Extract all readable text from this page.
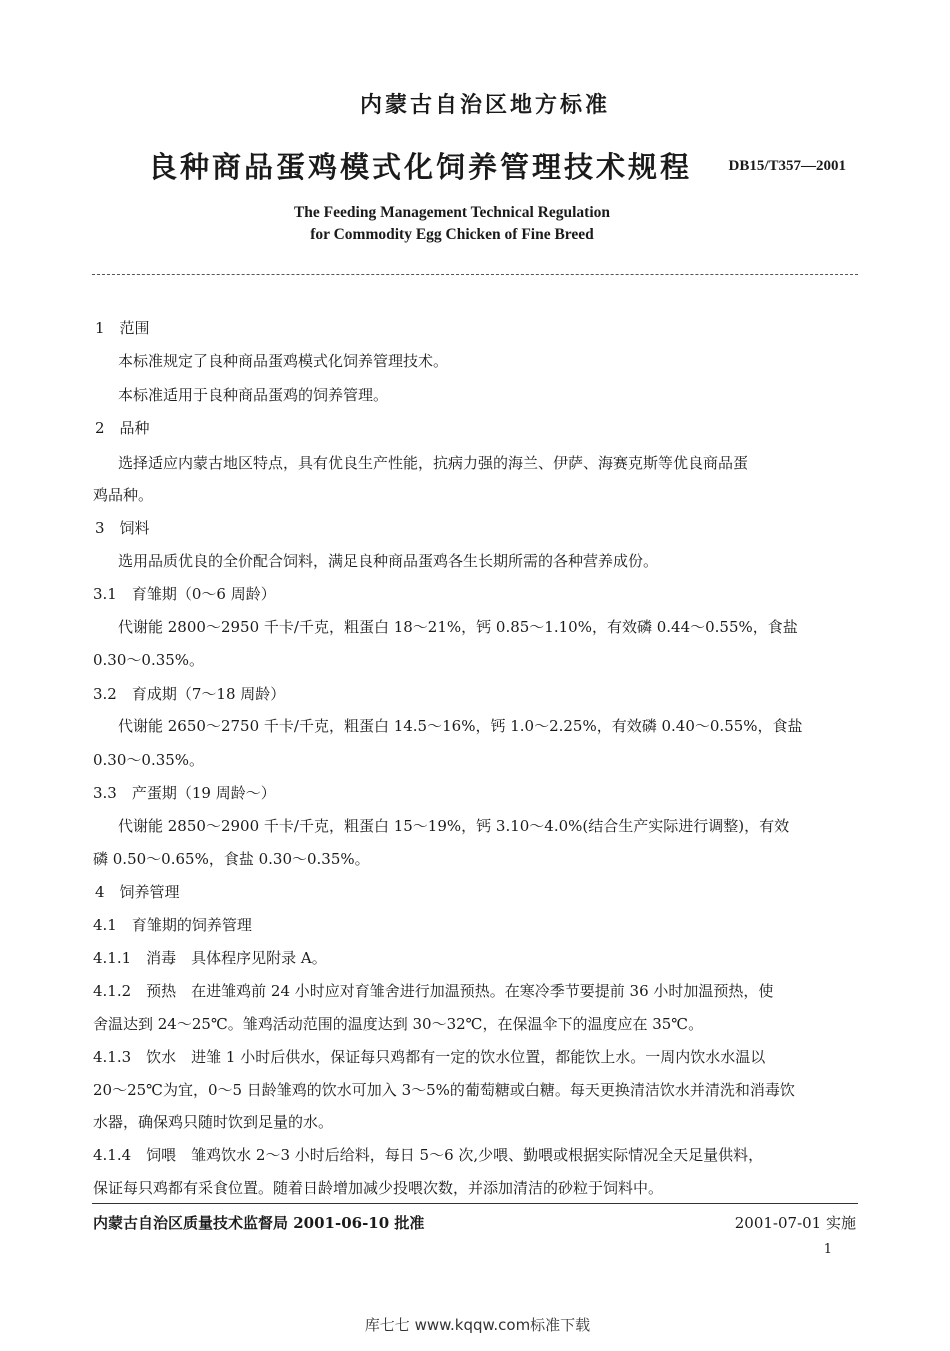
内蒙古自治区地方标准
良种商品蛋鸡模式化饲养管理技术规程 DB15/T357—2001
The Feeding Management Technical Regulation
for Commodity Egg Chicken of Fine Breed
1　范围
本标准规定了良种商品蛋鸡模式化饲养管理技术。
本标准适用于良种商品蛋鸡的饲养管理。
2　品种
选择适应内蒙古地区特点，具有优良生产性能，抗病力强的海兰、伊萨、海赛克斯等优良商品蛋
鸡品种。
3　饲料
选用品质优良的全价配合饲料，满足良种商品蛋鸡各生长期所需的各种营养成份。
3.1　育雏期（0～6 周龄）
代谢能 2800～2950 千卡/千克，粗蛋白 18～21%，钙 0.85～1.10%，有效磷 0.44～0.55%，食盐
0.30～0.35%。
3.2　育成期（7～18 周龄）
代谢能 2650～2750 千卡/千克，粗蛋白 14.5～16%，钙 1.0～2.25%，有效磷 0.40～0.55%，食盐
0.30～0.35%。
3.3　产蛋期（19 周龄～）
代谢能 2850～2900 千卡/千克，粗蛋白 15～19%，钙 3.10～4.0%(结合生产实际进行调整)，有效
磷 0.50～0.65%，食盐 0.30～0.35%。
4　饲养管理
4.1　育雏期的饲养管理
4.1.1　消毒　具体程序见附录 A。
4.1.2　预热　在进雏鸡前 24 小时应对育雏舍进行加温预热。在寒冷季节要提前 36 小时加温预热，使
舍温达到 24～25℃。雏鸡活动范围的温度达到 30～32℃，在保温伞下的温度应在 35℃。
4.1.3　饮水　进雏 1 小时后供水，保证每只鸡都有一定的饮水位置，都能饮上水。一周内饮水水温以
20～25℃为宜，0～5 日龄雏鸡的饮水可加入 3～5%的葡萄糖或白糖。每天更换清洁饮水并清洗和消毒饮
水器，确保鸡只随时饮到足量的水。
4.1.4　饲喂　雏鸡饮水 2～3 小时后给料，每日 5～6 次,少喂、勤喂或根据实际情况全天足量供料，
保证每只鸡都有采食位置。随着日龄增加减少投喂次数，并添加清洁的砂粒于饲料中。
内蒙古自治区质量技术监督局 2001-06-10 批准	2001-07-01 实施
1
库七七 www.kqqw.com标准下载
